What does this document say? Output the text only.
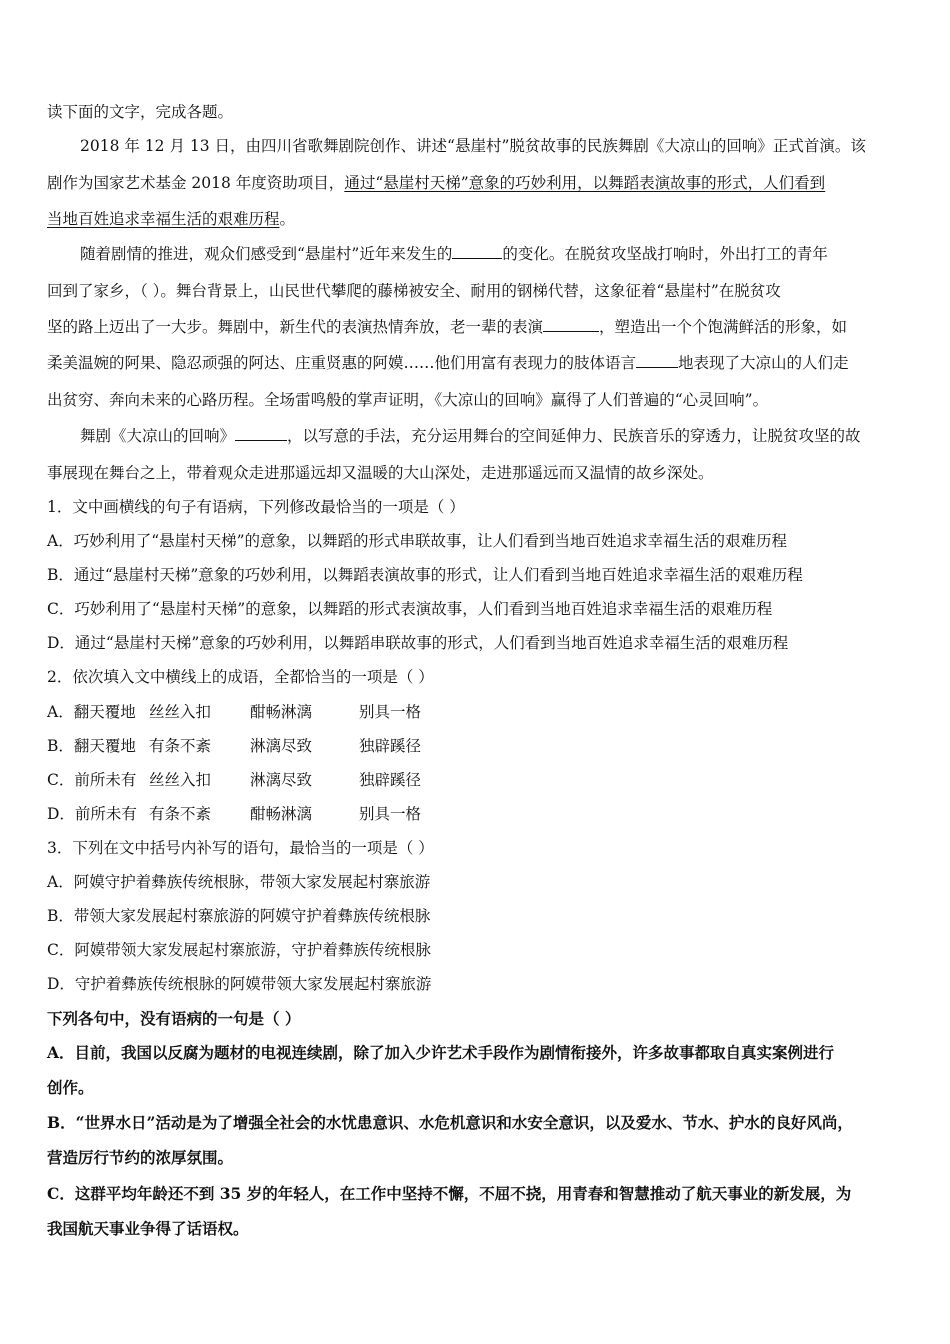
读下面的文字，完成各题。
2018 年 12 月 13 日，由四川省歌舞剧院创作、讲述“悬崖村”脱贫故事的民族舞剧《大凉山的回响》正式首演。该
剧作为国家艺术基金 2018 年度资助项目，通过“悬崖村天梯”意象的巧妙利用，以舞蹈表演故事的形式，人们看到
当地百姓追求幸福生活的艰难历程。
随着剧情的推进，观众们感受到“悬崖村”近年来发生的	的变化。在脱贫攻坚战打响时，外出打工的青年
回到了家乡，（ ）。舞台背景上，山民世代攀爬的藤梯被安全、耐用的钢梯代替，这象征着“悬崖村”在脱贫攻
坚的路上迈出了一大步。舞剧中，新生代的表演热情奔放，老一辈的表演	，塑造出一个个饱满鲜活的形象，如
柔美温婉的阿果、隐忍顽强的阿达、庄重贤惠的阿嫫……他们用富有表现力的肢体语言	地表现了大凉山的人们走
出贫穷、奔向未来的心路历程。全场雷鸣般的掌声证明，《大凉山的回响》赢得了人们普遍的“心灵回响”。
舞剧《大凉山的回响》	，以写意的手法，充分运用舞台的空间延伸力、民族音乐的穿透力，让脱贫攻坚的故
事展现在舞台之上，带着观众走进那遥远却又温暖的大山深处，走进那遥远而又温情的故乡深处。
1．文中画横线的句子有语病，下列修改最恰当的一项是（ ）
A．巧妙利用了“悬崖村天梯”的意象，以舞蹈的形式串联故事，让人们看到当地百姓追求幸福生活的艰难历程
B．通过“悬崖村天梯”意象的巧妙利用，以舞蹈表演故事的形式，让人们看到当地百姓追求幸福生活的艰难历程
C．巧妙利用了“悬崖村天梯”的意象，以舞蹈的形式表演故事，人们看到当地百姓追求幸福生活的艰难历程
D．通过“悬崖村天梯”意象的巧妙利用，以舞蹈串联故事的形式，人们看到当地百姓追求幸福生活的艰难历程
2．依次填入文中横线上的成语，全都恰当的一项是（ ）
A．翻天覆地 丝丝入扣	酣畅淋漓	别具一格
B．翻天覆地 有条不紊	淋漓尽致	独辟蹊径
C．前所未有 丝丝入扣	淋漓尽致	独辟蹊径
D．前所未有 有条不紊	酣畅淋漓	别具一格
3．下列在文中括号内补写的语句，最恰当的一项是（ ）
A．阿嫫守护着彝族传统根脉，带领大家发展起村寨旅游
B．带领大家发展起村寨旅游的阿嫫守护着彝族传统根脉
C．阿嫫带领大家发展起村寨旅游，守护着彝族传统根脉
D．守护着彝族传统根脉的阿嫫带领大家发展起村寨旅游
下列各句中，没有语病的一句是（ ）
A．目前，我国以反腐为题材的电视连续剧，除了加入少许艺术手段作为剧情衔接外，许多故事都取自真实案例进行
创作。
B．“世界水日”活动是为了增强全社会的水忧患意识、水危机意识和水安全意识，以及爱水、节水、护水的良好风尚，
营造厉行节约的浓厚氛围。
C．这群平均年龄还不到 35 岁的年轻人，在工作中坚持不懈，不屈不挠，用青春和智慧推动了航天事业的新发展，为
我国航天事业争得了话语权。
